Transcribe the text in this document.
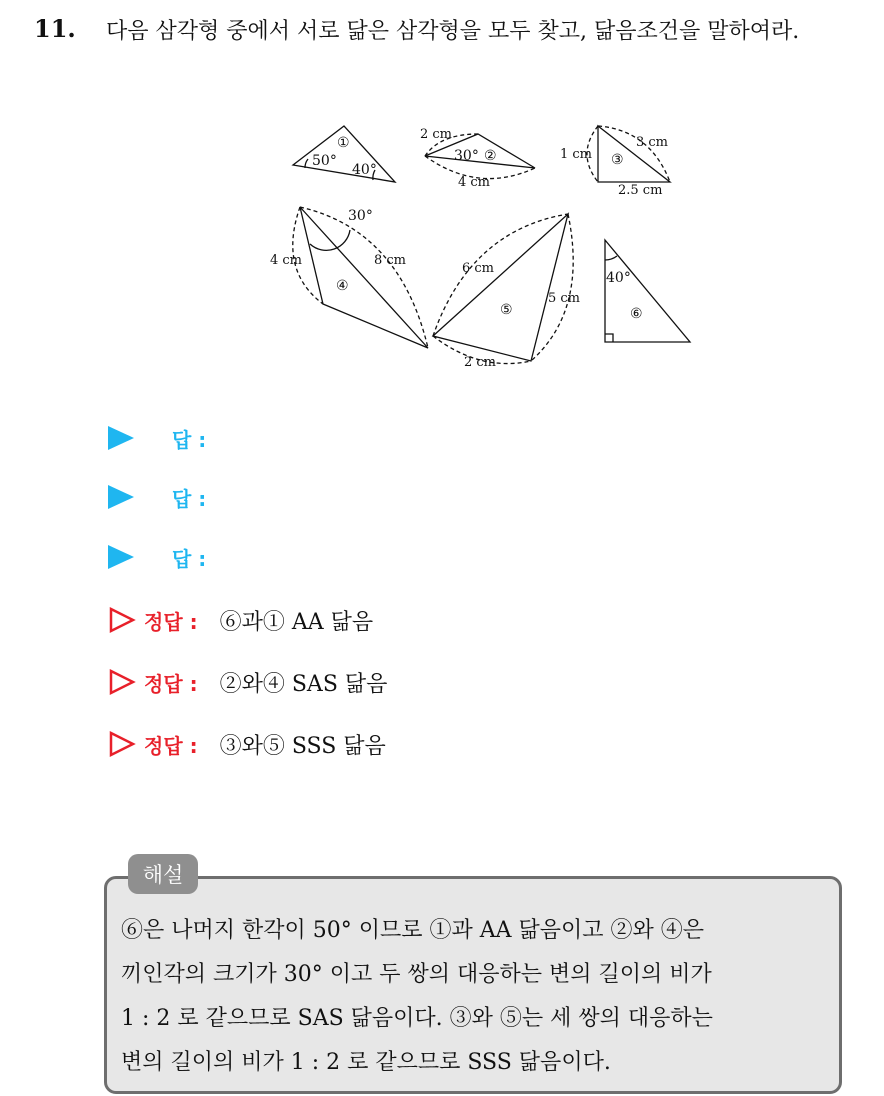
11. 다음 삼각형 중에서 서로 닮은 삼각형을 모두 찾고, 닮음조건을 말하여라.
①
50°
40°
2 cm
30° ②
4 cm
1 cm
3 cm
③
2.5 cm
4 cm
30°
8 cm
④
6 cm
5 cm
⑤
2 cm
40°
⑥
답 :
답 :
답 :
정답 : ⑥과① AA 닮음
정답 : ②와④ SAS 닮음
정답 : ③와⑤ SSS 닮음
해설
⑥은 나머지 한각이 50° 이므로 ①과 AA 닮음이고 ②와 ④은
끼인각의 크기가 30° 이고 두 쌍의 대응하는 변의 길이의 비가
1 : 2 로 같으므로 SAS 닮음이다. ③와 ⑤는 세 쌍의 대응하는
변의 길이의 비가 1 : 2 로 같으므로 SSS 닮음이다.
